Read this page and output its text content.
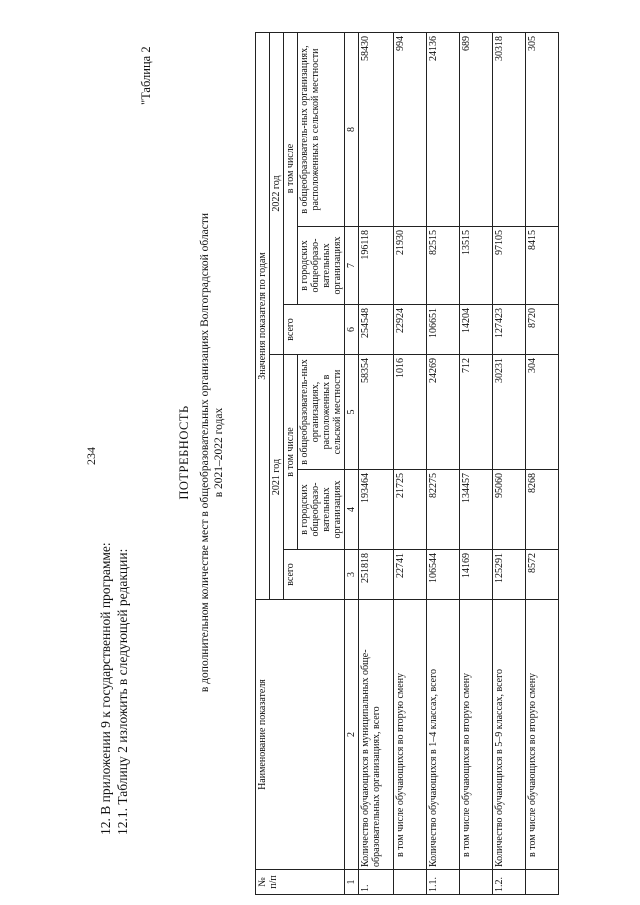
234
12. В приложении 9 к государственной программе: 12.1. Таблицу 2 изложить в следующей редакции:
"Таблица 2
ПОТРЕБНОСТЬ в дополнительном количестве мест в общеобразовательных организациях Волгоградской области в 2021–2022 годах
№ п/п	Наименование показателя	Значения показателя по годам					
		2021 год			2022 год		
		всего	в том числе		всего	в том числе	
			в городских общеобразо-вательных организациях	в общеобразователь-ных организациях, расположенных в сельской местности		в городских общеобразо-вательных организациях	в общеобразователь-ных организациях, расположенных в сельской местности
1	2	3	4	5	6	7	8
1.	Количество обучающихся в муниципальных обще-образовательных организациях, всего	251818	193464	58354	254548	196118	58430
	в том числе обучающихся во вторую смену	22741	21725	1016	22924	21930	994
1.1.	Количество обучающихся в 1–4 классах, всего	106544	82275	24269	106651	82515	24136
	в том числе обучающихся во вторую смену	14169	134457	712	14204	13515	689
1.2.	Количество обучающихся в 5–9 классах, всего	125291	95060	30231	127423	97105	30318
	в том числе обучающихся во вторую смену	8572	8268	304	8720	8415	305
